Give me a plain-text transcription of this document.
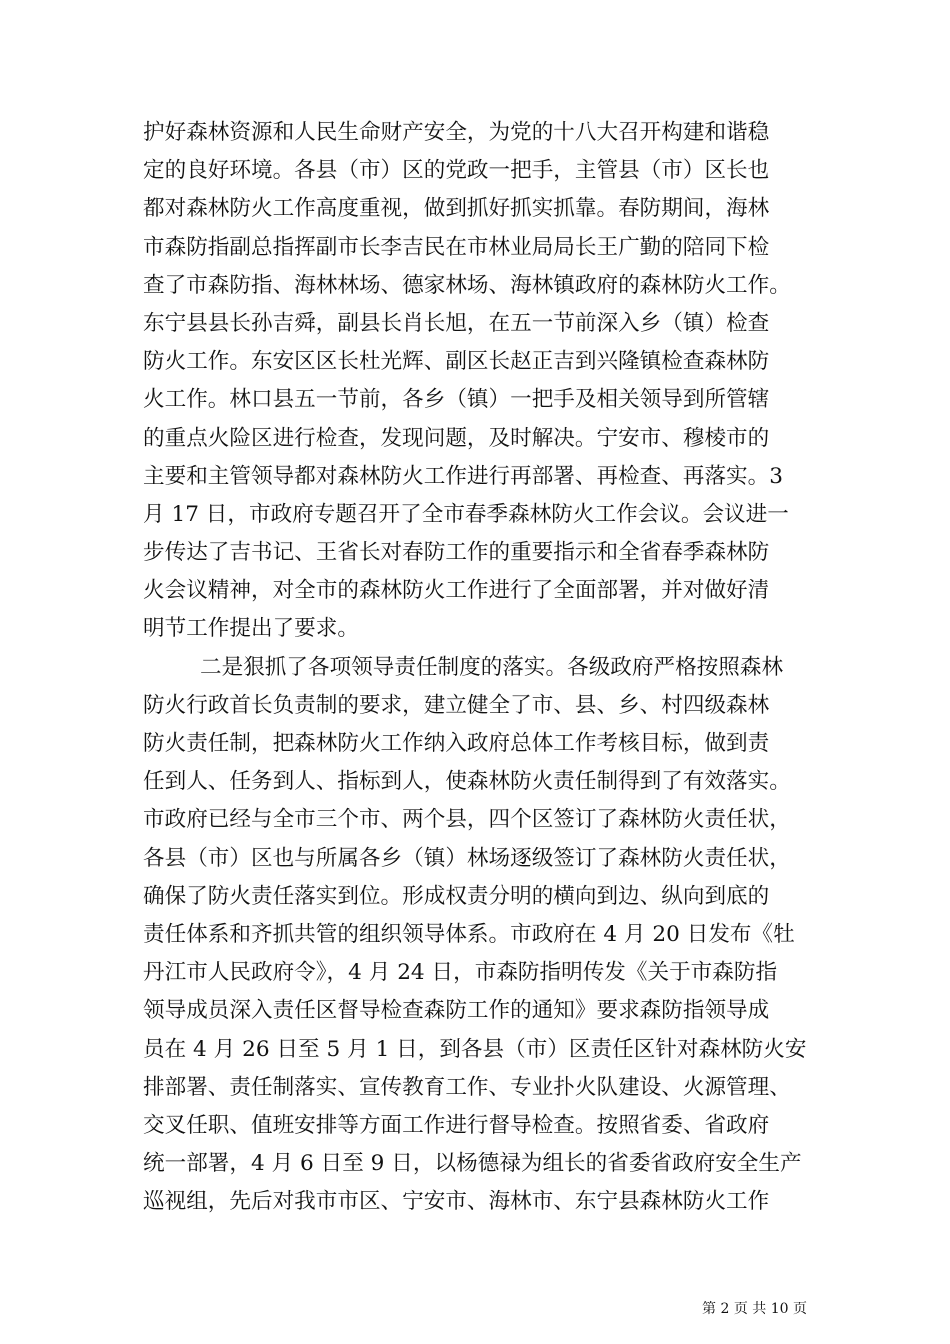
护好森林资源和人民生命财产安全，为党的十八大召开构建和谐稳
定的良好环境。各县（市）区的党政一把手，主管县（市）区长也
都对森林防火工作高度重视，做到抓好抓实抓靠。春防期间，海林
市森防指副总指挥副市长李吉民在市林业局局长王广勤的陪同下检
查了市森防指、海林林场、德家林场、海林镇政府的森林防火工作。
东宁县县长孙吉舜，副县长肖长旭，在五一节前深入乡（镇）检查
防火工作。东安区区长杜光辉、副区长赵正吉到兴隆镇检查森林防
火工作。林口县五一节前，各乡（镇）一把手及相关领导到所管辖
的重点火险区进行检查，发现问题，及时解决。宁安市、穆棱市的
主要和主管领导都对森林防火工作进行再部署、再检查、再落实。3
月 17 日，市政府专题召开了全市春季森林防火工作会议。会议进一
步传达了吉书记、王省长对春防工作的重要指示和全省春季森林防
火会议精神，对全市的森林防火工作进行了全面部署，并对做好清
明节工作提出了要求。
二是狠抓了各项领导责任制度的落实。各级政府严格按照森林
防火行政首长负责制的要求，建立健全了市、县、乡、村四级森林
防火责任制，把森林防火工作纳入政府总体工作考核目标，做到责
任到人、任务到人、指标到人，使森林防火责任制得到了有效落实。
市政府已经与全市三个市、两个县，四个区签订了森林防火责任状，
各县（市）区也与所属各乡（镇）林场逐级签订了森林防火责任状，
确保了防火责任落实到位。形成权责分明的横向到边、纵向到底的
责任体系和齐抓共管的组织领导体系。市政府在 4 月 20 日发布《牡
丹江市人民政府令》，4 月 24 日，市森防指明传发《关于市森防指
领导成员深入责任区督导检查森防工作的通知》要求森防指领导成
员在 4 月 26 日至 5 月 1 日，到各县（市）区责任区针对森林防火安
排部署、责任制落实、宣传教育工作、专业扑火队建设、火源管理、
交叉任职、值班安排等方面工作进行督导检查。按照省委、省政府
统一部署，4 月 6 日至 9 日，以杨德禄为组长的省委省政府安全生产
巡视组，先后对我市市区、宁安市、海林市、东宁县森林防火工作
第 2 页 共 10 页
